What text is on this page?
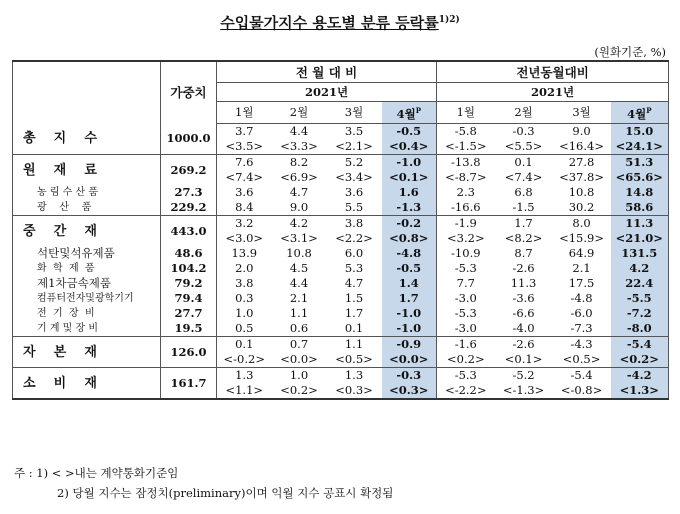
수입물가지수 용도별 분류 등락률$^{1)2)}$
(원화기준, %)
	가중치	전 월 대 비				전년동월대비			
		2021년				2021년			
		1월	2월	3월	4월$^P$	1월	2월	3월	4월$^P$
총    지    수	1000.0	3.7	4.4	3.5	-0.5	-5.8	-0.3	9.0	15.0
		<3.5>	<3.3>	<2.1>	<0.4>	<-1.5>	<5.5>	<16.4>	<24.1>
원    재    료	269.2	7.6	8.2	5.2	-1.0	-13.8	0.1	27.8	51.3
		<7.4>	<6.9>	<3.4>	<0.1>	<-8.7>	<7.4>	<37.8>	<65.6>
농 림 수 산 품	27.3	3.6	4.7	3.6	1.6	2.3	6.8	10.8	14.8
광    산    품	229.2	8.4	9.0	5.5	-1.3	-16.6	-1.5	30.2	58.6
중    간    재	443.0	3.2	4.2	3.8	-0.2	-1.9	1.7	8.0	11.3
		<3.0>	<3.1>	<2.2>	<0.8>	<3.2>	<8.2>	<15.9>	<21.0>
석탄및석유제품	48.6	13.9	10.8	6.0	-4.8	-10.9	8.7	64.9	131.5
화  학  제  품	104.2	2.0	4.5	5.3	-0.5	-5.3	-2.6	2.1	4.2
제1차금속제품	79.2	3.8	4.4	4.7	1.4	7.7	11.3	17.5	22.4
컴퓨터전자및광학기기	79.4	0.3	2.1	1.5	1.7	-3.0	-3.6	-4.8	-5.5
전  기  장  비	27.7	1.0	1.1	1.7	-1.0	-5.3	-6.6	-6.0	-7.2
기 계 및 장 비	19.5	0.5	0.6	0.1	-1.0	-3.0	-4.0	-7.3	-8.0
자    본    재	126.0	0.1	0.7	1.1	-0.9	-1.6	-2.6	-4.3	-5.4
		<-0.2>	<0.0>	<0.5>	<0.0>	<0.2>	<0.1>	<0.5>	<0.2>
소    비    재	161.7	1.3	1.0	1.3	-0.3	-5.3	-5.2	-5.4	-4.2
		<1.1>	<0.2>	<0.3>	<0.3>	<-2.2>	<-1.3>	<-0.8>	<1.3>
주 : 1) < >내는 계약통화기준임
2) 당월 지수는 잠정치(preliminary)이며 익월 지수 공표시 확정됨
